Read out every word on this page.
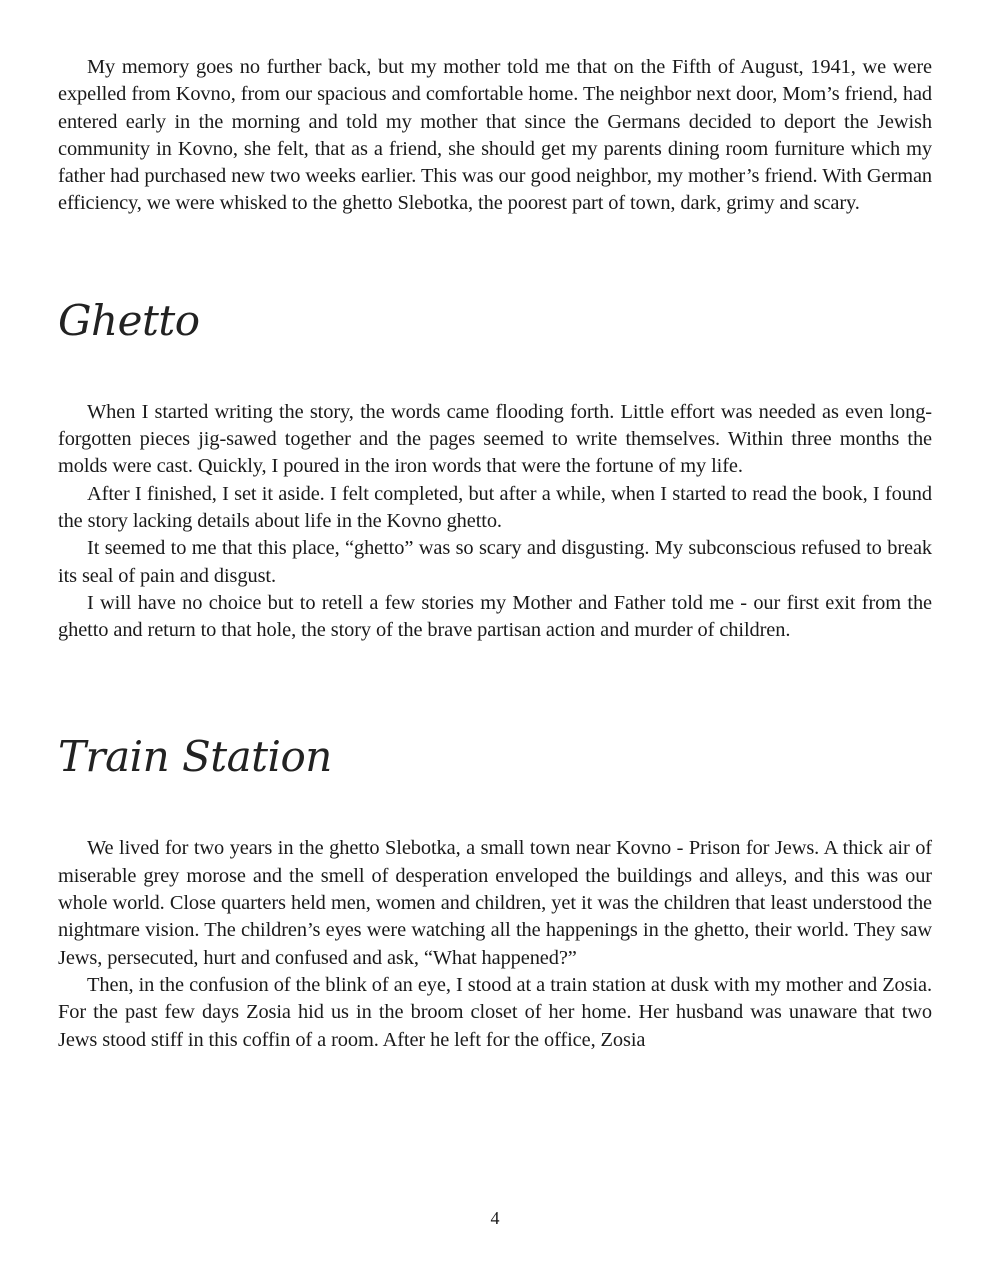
My memory goes no further back, but my mother told me that on the Fifth of August, 1941, we were expelled from Kovno, from our spacious and comfortable home. The neighbor next door, Mom’s friend, had entered early in the morning and told my mother that since the Germans decided to deport the Jewish community in Kovno, she felt, that as a friend, she should get my parents dining room furniture which my father had purchased new two weeks earlier. This was our good neighbor, my mother’s friend. With German efficiency, we were whisked to the ghetto Slebotka, the poorest part of town, dark, grimy and scary.

Ghetto

When I started writing the story, the words came flooding forth. Little effort was needed as even long-forgotten pieces jig-sawed together and the pages seemed to write themselves. Within three months the molds were cast. Quickly, I poured in the iron words that were the fortune of my life.

After I finished, I set it aside. I felt completed, but after a while, when I started to read the book, I found the story lacking details about life in the Kovno ghetto.

It seemed to me that this place, “ghetto” was so scary and disgusting. My subconscious refused to break its seal of pain and disgust.

I will have no choice but to retell a few stories my Mother and Father told me - our first exit from the ghetto and return to that hole, the story of the brave partisan action and murder of children.

Train Station

We lived for two years in the ghetto Slebotka, a small town near Kovno - Prison for Jews. A thick air of miserable grey morose and the smell of desperation enveloped the buildings and alleys, and this was our whole world. Close quarters held men, women and children, yet it was the children that least understood the nightmare vision. The children’s eyes were watching all the happenings in the ghetto, their world. They saw Jews, persecuted, hurt and confused and ask, “What happened?”

Then, in the confusion of the blink of an eye, I stood at a train station at dusk with my mother and Zosia. For the past few days Zosia hid us in the broom closet of her home. Her husband was unaware that two Jews stood stiff in this coffin of a room. After he left for the office, Zosia

4
